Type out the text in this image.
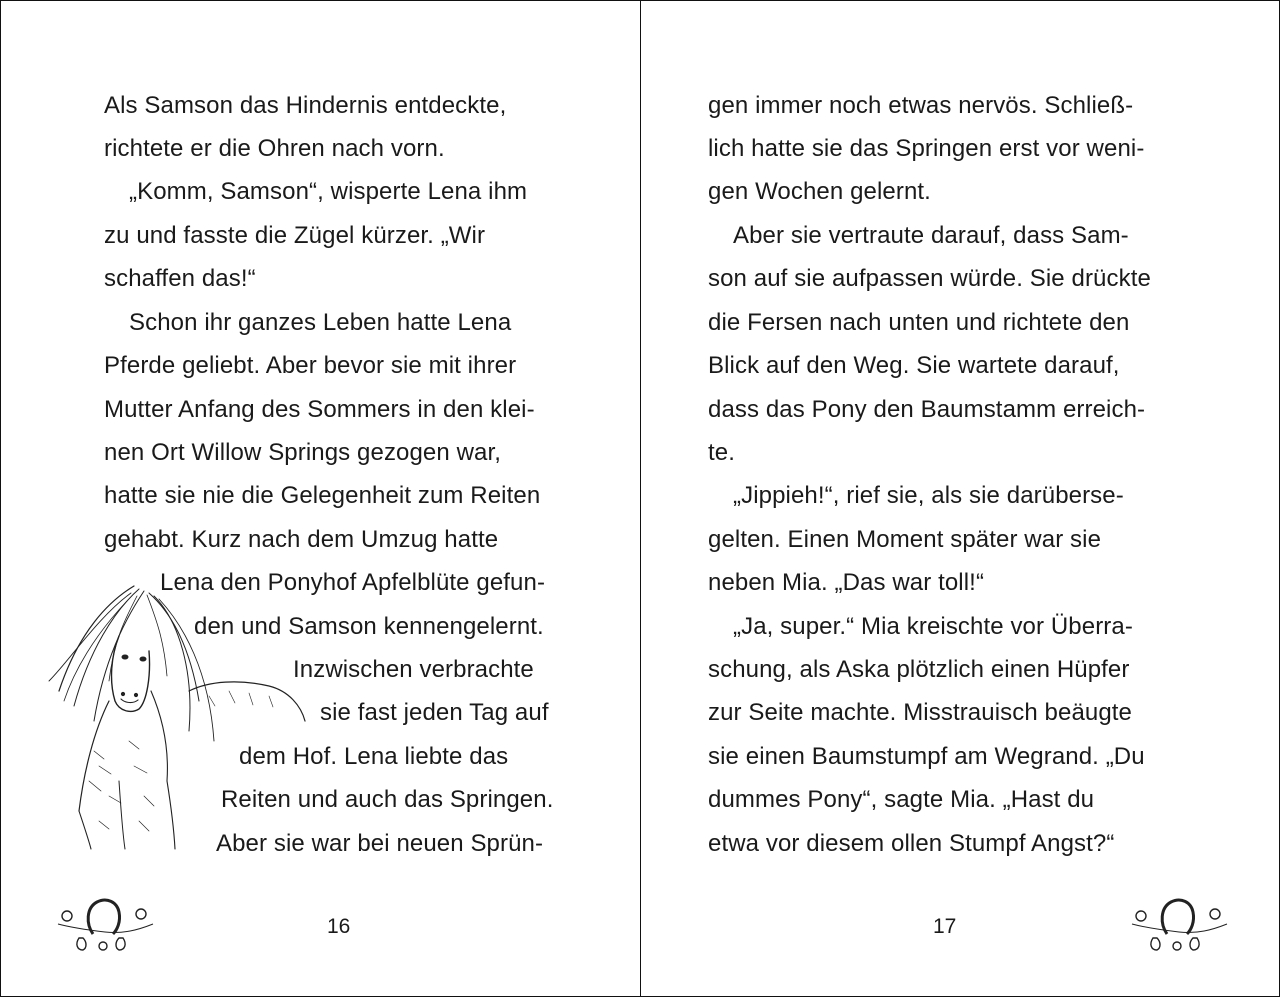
Als Samson das Hindernis entdeckte,

richtete er die Ohren nach vorn.

„Komm, Samson“, wisperte Lena ihm

zu und fasste die Zügel kürzer. „Wir

schaffen das!“

Schon ihr ganzes Leben hatte Lena

Pferde geliebt. Aber bevor sie mit ihrer

Mutter Anfang des Sommers in den klei-

nen Ort Willow Springs gezogen war,

hatte sie nie die Gelegenheit zum Reiten

gehabt. Kurz nach dem Umzug hatte

Lena den Ponyhof Apfelblüte gefun-

den und Samson kennengelernt.

Inzwischen verbrachte

sie fast jeden Tag auf

dem Hof. Lena liebte das

Reiten und auch das Springen.

Aber sie war bei neuen Sprün-

16

gen immer noch etwas nervös. Schließ-

lich hatte sie das Springen erst vor weni-

gen Wochen gelernt.

Aber sie vertraute darauf, dass Sam-

son auf sie aufpassen würde. Sie drückte

die Fersen nach unten und richtete den

Blick auf den Weg. Sie wartete darauf,

dass das Pony den Baumstamm erreich-

te.

„Jippieh!“, rief sie, als sie darüberse-

gelten. Einen Moment später war sie

neben Mia. „Das war toll!“

„Ja, super.“ Mia kreischte vor Überra-

schung, als Aska plötzlich einen Hüpfer

zur Seite machte. Misstrauisch beäugte

sie einen Baumstumpf am Wegrand. „Du

dummes Pony“, sagte Mia. „Hast du

etwa vor diesem ollen Stumpf Angst?“

17
